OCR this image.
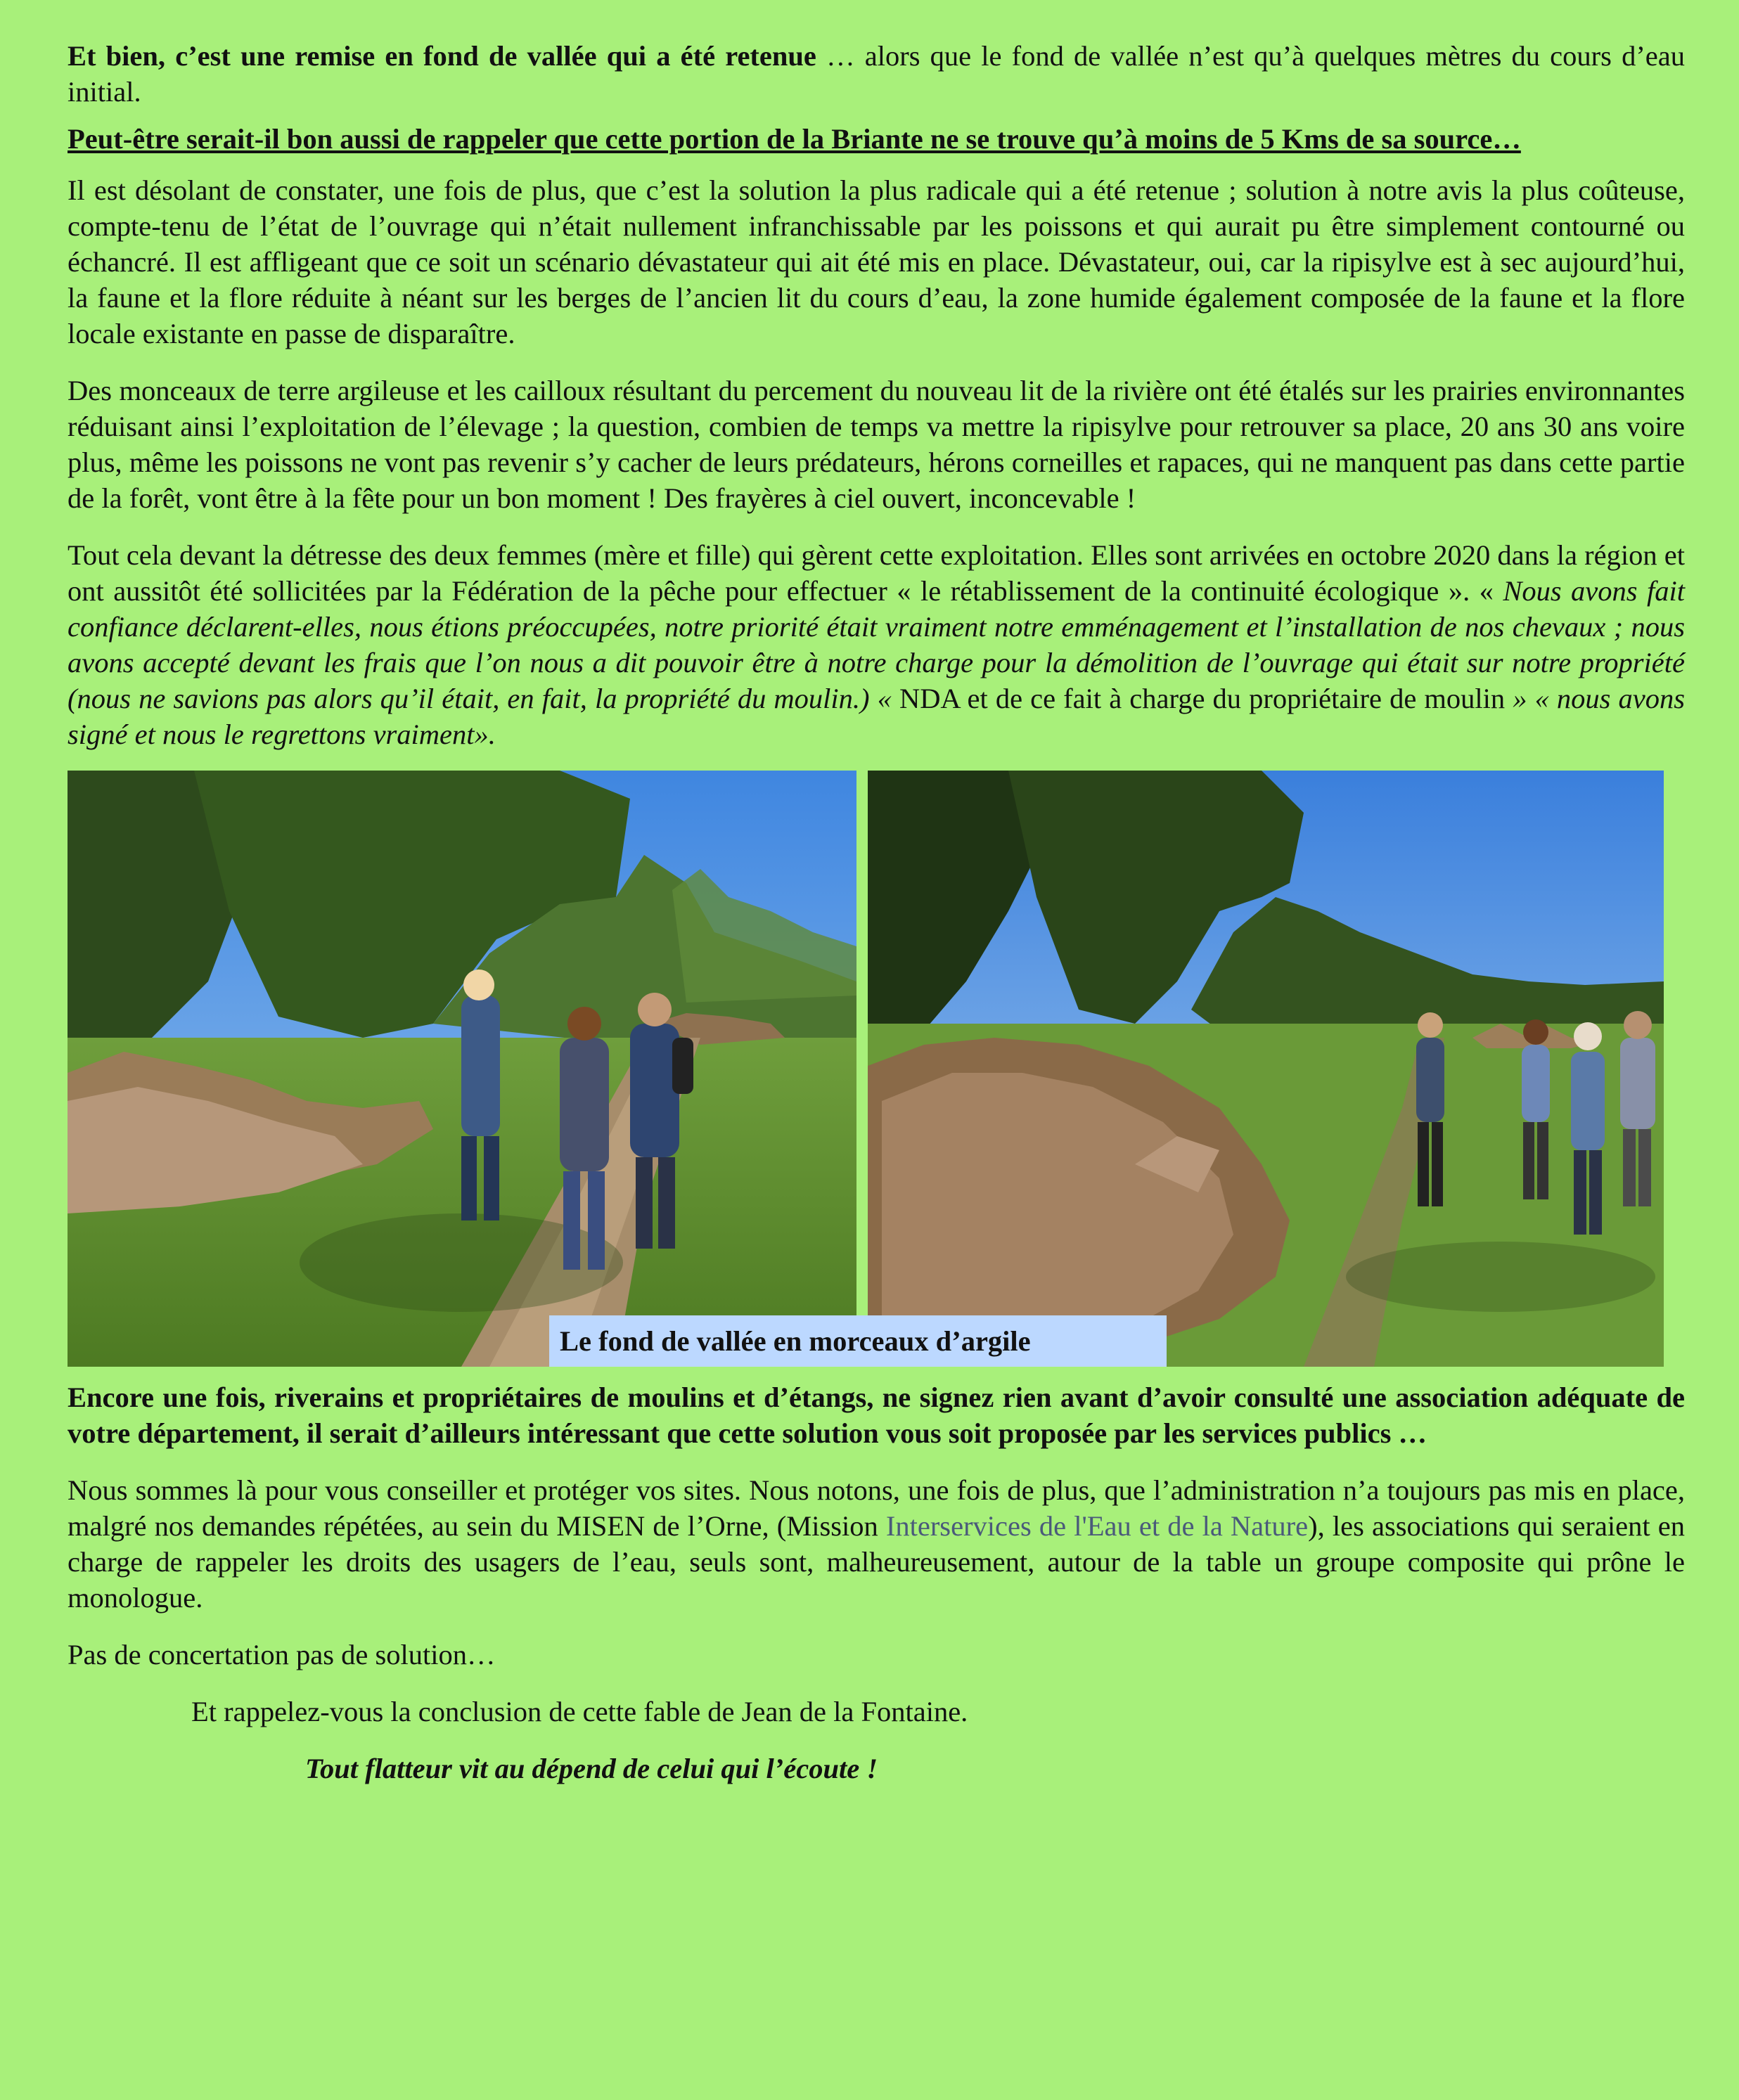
Et bien, c’est une remise en fond de vallée qui a été retenue … alors que le fond de vallée n’est qu’à quelques mètres du cours d’eau initial.

Peut-être serait-il bon aussi de rappeler que cette portion de la Briante ne se trouve qu’à moins de 5 Kms de sa source…

Il est désolant de constater, une fois de plus, que c’est la solution la plus radicale qui a été retenue ; solution à notre avis la plus coûteuse, compte-tenu de l’état de l’ouvrage qui n’était nullement infranchissable par les poissons et qui aurait pu être simplement contourné ou échancré. Il est affligeant que ce soit un scénario dévastateur qui ait été mis en place. Dévastateur, oui, car la ripisylve est à sec aujourd’hui, la faune et la flore réduite à néant sur les berges de l’ancien lit du cours d’eau, la zone humide également composée de la faune et la flore locale existante en passe de disparaître.

Des monceaux de terre argileuse et les cailloux résultant du percement du nouveau lit de la rivière ont été étalés sur les prairies environnantes réduisant ainsi l’exploitation de l’élevage ; la question, combien de temps va mettre la ripisylve pour retrouver sa place, 20 ans 30 ans voire plus, même les poissons ne vont pas revenir s’y cacher de leurs prédateurs, hérons corneilles et rapaces, qui ne manquent pas dans cette partie de la forêt, vont être à la fête pour un bon moment ! Des frayères à ciel ouvert, inconcevable !

Tout cela devant la détresse des deux femmes (mère et fille) qui gèrent cette exploitation. Elles sont arrivées en octobre 2020 dans la région et ont aussitôt été sollicitées par la Fédération de la pêche pour effectuer « le rétablissement de la continuité écologique ». « Nous avons fait confiance déclarent-elles, nous étions préoccupées, notre priorité était vraiment notre emménagement et l’installation de nos chevaux ; nous avons accepté devant les frais que l’on nous a dit pouvoir être à notre charge pour la démolition de l’ouvrage qui était sur notre propriété (nous ne savions pas alors qu’il était, en fait, la propriété du moulin.) « NDA et de ce fait à charge du propriétaire de moulin » « nous avons signé et nous le regrettons vraiment».

Le fond de vallée en morceaux d’argile

Encore une fois, riverains et propriétaires de moulins et d’étangs, ne signez rien avant d’avoir consulté une association adéquate de votre département, il serait d’ailleurs intéressant que cette solution vous soit proposée par les services publics …

Nous sommes là pour vous conseiller et protéger vos sites. Nous notons, une fois de plus, que l’administration n’a toujours pas mis en place, malgré nos demandes répétées, au sein du MISEN de l’Orne, (Mission Interservices de l'Eau et de la Nature), les associations qui seraient en charge de rappeler les droits des usagers de l’eau, seuls sont, malheureusement, autour de la table un groupe composite qui prône le monologue.

Pas de concertation pas de solution…

Et rappelez-vous la conclusion de cette fable de Jean de la Fontaine.

Tout flatteur vit au dépend de celui qui l’écoute !
